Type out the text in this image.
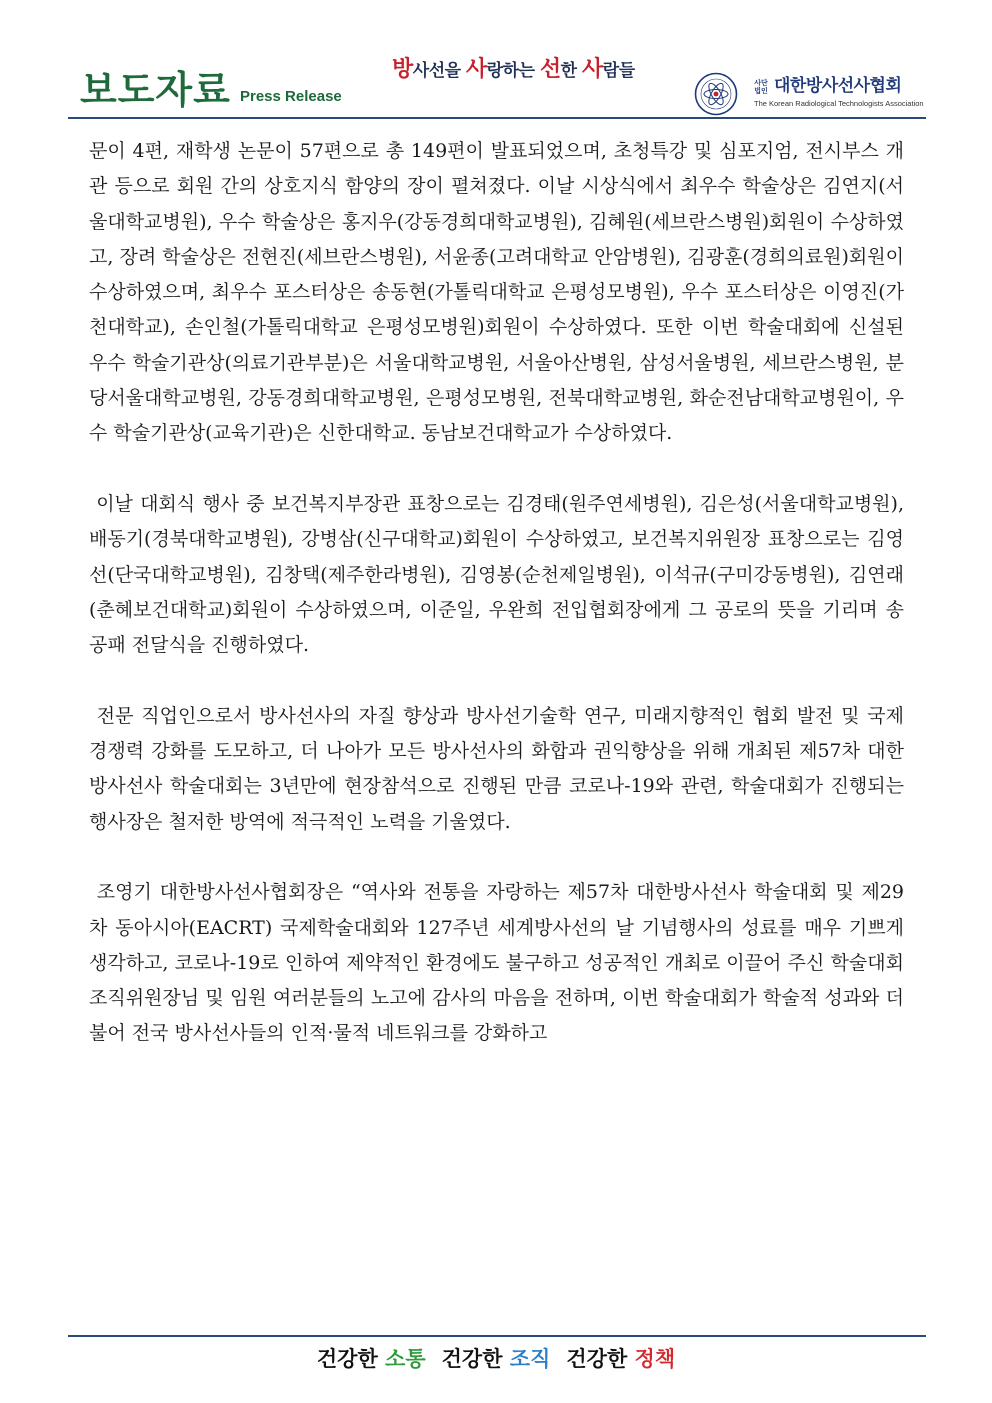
보도자료 Press Release
방사선을 사랑하는 선한 사람들
사단법인 대한방사선사협회
The Korean Radiological Technologists Association

문이 4편, 재학생 논문이 57편으로 총 149편이 발표되었으며, 초청특강 및 심포지엄, 전시부스 개관 등으로 회원 간의 상호지식 함양의 장이 펼쳐졌다. 이날 시상식에서 최우수 학술상은 김연지(서울대학교병원), 우수 학술상은 홍지우(강동경희대학교병원), 김혜원(세브란스병원)회원이 수상하였고, 장려 학술상은 전현진(세브란스병원), 서윤종(고려대학교 안암병원), 김광훈(경희의료원)회원이 수상하였으며, 최우수 포스터상은 송동현(가톨릭대학교 은평성모병원), 우수 포스터상은 이영진(가천대학교), 손인철(가톨릭대학교 은평성모병원)회원이 수상하였다. 또한 이번 학술대회에 신설된 우수 학술기관상(의료기관부분)은 서울대학교병원, 서울아산병원, 삼성서울병원, 세브란스병원, 분당서울대학교병원, 강동경희대학교병원, 은평성모병원, 전북대학교병원, 화순전남대학교병원이, 우수 학술기관상(교육기관)은 신한대학교. 동남보건대학교가 수상하였다.

이날 대회식 행사 중 보건복지부장관 표창으로는 김경태(원주연세병원), 김은성(서울대학교병원), 배동기(경북대학교병원), 강병삼(신구대학교)회원이 수상하였고, 보건복지위원장 표창으로는 김영선(단국대학교병원), 김창택(제주한라병원), 김영봉(순천제일병원), 이석규(구미강동병원), 김연래(춘혜보건대학교)회원이 수상하였으며, 이준일, 우완희 전입협회장에게 그 공로의 뜻을 기리며 송공패 전달식을 진행하였다.

전문 직업인으로서 방사선사의 자질 향상과 방사선기술학 연구, 미래지향적인 협회 발전 및 국제 경쟁력 강화를 도모하고, 더 나아가 모든 방사선사의 화합과 권익향상을 위해 개최된 제57차 대한방사선사 학술대회는 3년만에 현장참석으로 진행된 만큼 코로나-19와 관련, 학술대회가 진행되는 행사장은 철저한 방역에 적극적인 노력을 기울였다.

조영기 대한방사선사협회장은 “역사와 전통을 자랑하는 제57차 대한방사선사 학술대회 및 제29차 동아시아(EACRT) 국제학술대회와 127주년 세계방사선의 날 기념행사의 성료를 매우 기쁘게 생각하고, 코로나-19로 인하여 제약적인 환경에도 불구하고 성공적인 개최로 이끌어 주신 학술대회 조직위원장님 및 임원 여러분들의 노고에 감사의 마음을 전하며, 이번 학술대회가 학술적 성과와 더불어 전국 방사선사들의 인적·물적 네트워크를 강화하고

건강한 소통 건강한 조직 건강한 정책
